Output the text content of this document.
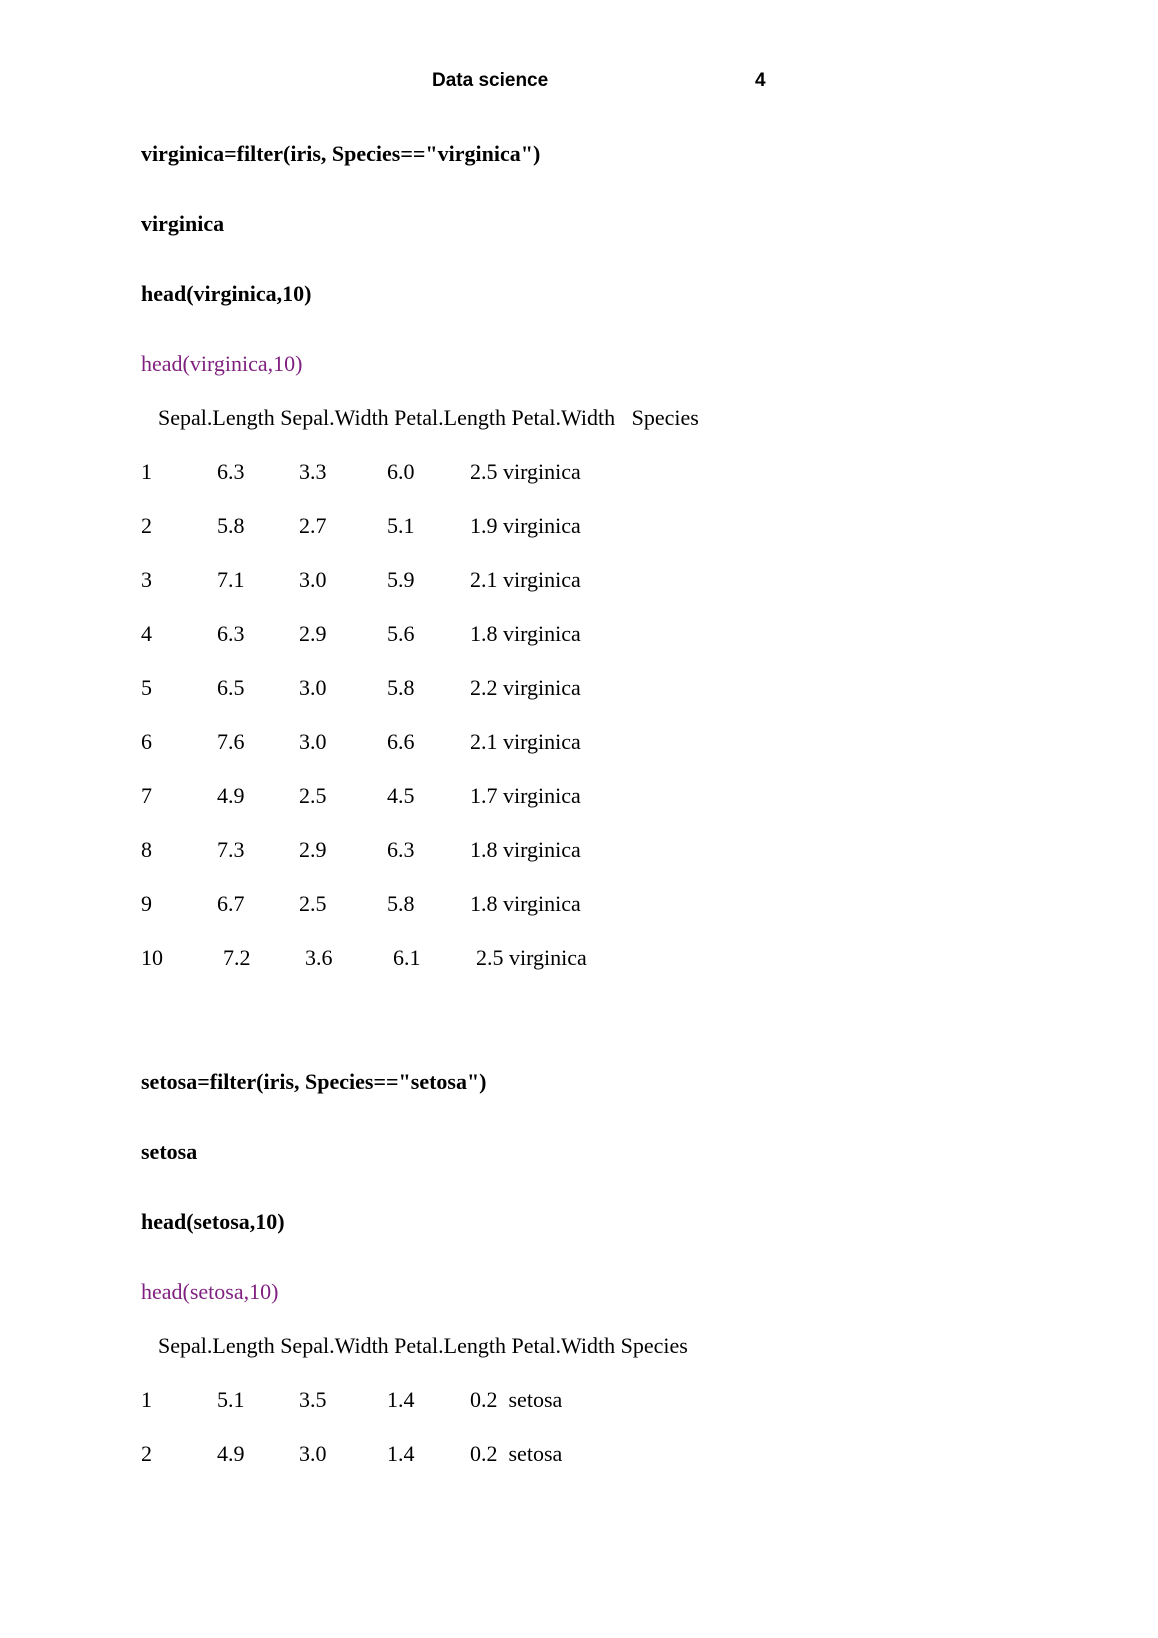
Data science	4
virginica=filter(iris, Species=="virginica")
virginica
head(virginica,10)
head(virginica,10)
Sepal.Length Sepal.Width Petal.Length Petal.Width   Species
1	6.3 3.3	6.0	2.5 virginica
2	5.8 2.7	5.1	1.9 virginica
3	7.1 3.0	5.9	2.1 virginica
4	6.3 2.9	5.6	1.8 virginica
5	6.5 3.0	5.8	2.2 virginica
6	7.6 3.0	6.6	2.1 virginica
7	4.9 2.5	4.5	1.7 virginica
8	7.3 2.9	6.3	1.8 virginica
9	6.7 2.5	5.8	1.8 virginica
10	7.2 3.6	6.1	2.5 virginica
setosa=filter(iris, Species=="setosa")
setosa
head(setosa,10)
head(setosa,10)
Sepal.Length Sepal.Width Petal.Length Petal.Width Species
1	5.1 3.5	1.4	0.2  setosa
2	4.9 3.0	1.4	0.2  setosa
